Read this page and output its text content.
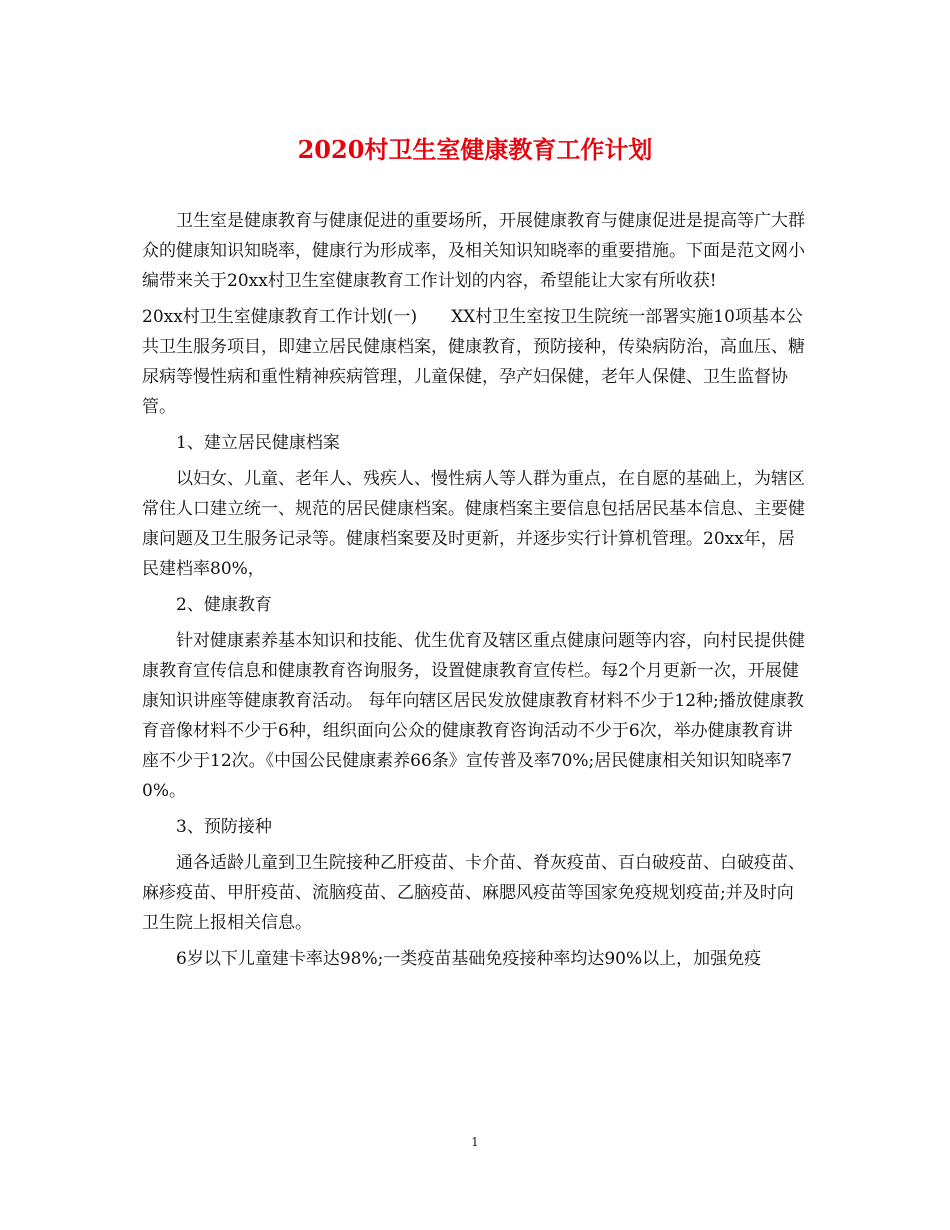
2020村卫生室健康教育工作计划

卫生室是健康教育与健康促进的重要场所，开展健康教育与健康促进是提高等广大群众的健康知识知晓率，健康行为形成率，及相关知识知晓率的重要措施。下面是范文网小编带来关于20xx村卫生室健康教育工作计划的内容，希望能让大家有所收获!

20xx村卫生室健康教育工作计划(一)　　XX村卫生室按卫生院统一部署实施10项基本公共卫生服务项目，即建立居民健康档案，健康教育，预防接种，传染病防治，高血压、糖尿病等慢性病和重性精神疾病管理，儿童保健，孕产妇保健，老年人保健、卫生监督协管。

1、建立居民健康档案

以妇女、儿童、老年人、残疾人、慢性病人等人群为重点，在自愿的基础上，为辖区常住人口建立统一、规范的居民健康档案。健康档案主要信息包括居民基本信息、主要健康问题及卫生服务记录等。健康档案要及时更新，并逐步实行计算机管理。20xx年，居民建档率80%，

2、健康教育

针对健康素养基本知识和技能、优生优育及辖区重点健康问题等内容，向村民提供健康教育宣传信息和健康教育咨询服务，设置健康教育宣传栏。每2个月更新一次，开展健康知识讲座等健康教育活动。 每年向辖区居民发放健康教育材料不少于12种;播放健康教育音像材料不少于6种，组织面向公众的健康教育咨询活动不少于6次，举办健康教育讲座不少于12次。《中国公民健康素养66条》宣传普及率70%;居民健康相关知识知晓率70%。

3、预防接种

通各适龄儿童到卫生院接种乙肝疫苗、卡介苗、脊灰疫苗、百白破疫苗、白破疫苗、麻疹疫苗、甲肝疫苗、流脑疫苗、乙脑疫苗、麻腮风疫苗等国家免疫规划疫苗;并及时向卫生院上报相关信息。

6岁以下儿童建卡率达98%;一类疫苗基础免疫接种率均达90%以上，加强免疫

1
